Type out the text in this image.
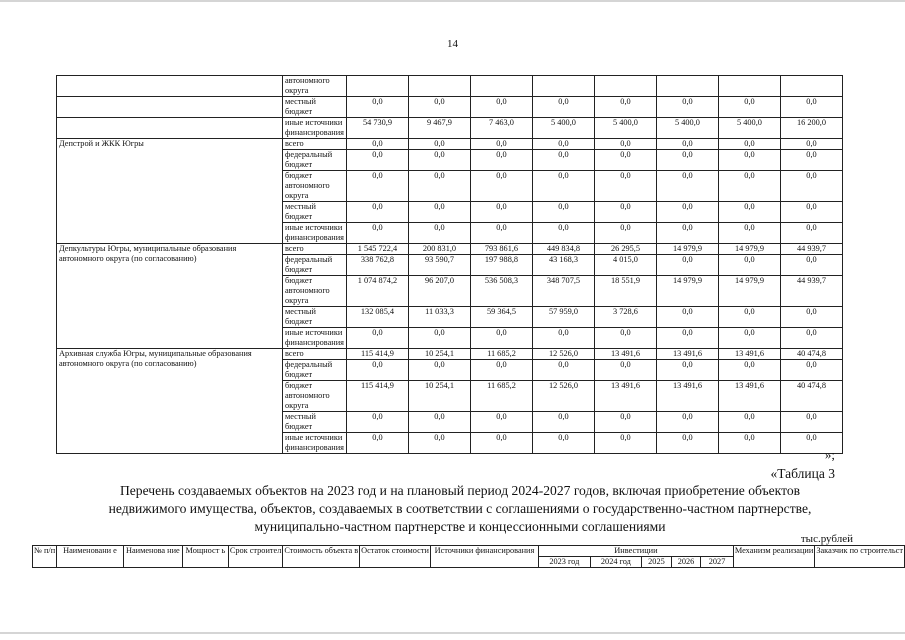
14
	автономного округа								
	местный бюджет	0,0	0,0	0,0	0,0	0,0	0,0	0,0	0,0
	иные источники финансирования	54 730,9	9 467,9	7 463,0	5 400,0	5 400,0	5 400,0	5 400,0	16 200,0
Депстрой и ЖКК Югры	всего	0,0	0,0	0,0	0,0	0,0	0,0	0,0	0,0
	федеральный бюджет	0,0	0,0	0,0	0,0	0,0	0,0	0,0	0,0
	бюджет автономного округа	0,0	0,0	0,0	0,0	0,0	0,0	0,0	0,0
	местный бюджет	0,0	0,0	0,0	0,0	0,0	0,0	0,0	0,0
	иные источники финансирования	0,0	0,0	0,0	0,0	0,0	0,0	0,0	0,0
Депкультуры Югры, муниципальные образования автономного округа (по согласованию)	всего	1 545 722,4	200 831,0	793 861,6	449 834,8	26 295,5	14 979,9	14 979,9	44 939,7
	федеральный бюджет	338 762,8	93 590,7	197 988,8	43 168,3	4 015,0	0,0	0,0	0,0
	бюджет автономного округа	1 074 874,2	96 207,0	536 508,3	348 707,5	18 551,9	14 979,9	14 979,9	44 939,7
	местный бюджет	132 085,4	11 033,3	59 364,5	57 959,0	3 728,6	0,0	0,0	0,0
	иные источники финансирования	0,0	0,0	0,0	0,0	0,0	0,0	0,0	0,0
Архивная служба Югры, муниципальные образования автономного округа (по согласованию)	всего	115 414,9	10 254,1	11 685,2	12 526,0	13 491,6	13 491,6	13 491,6	40 474,8
	федеральный бюджет	0,0	0,0	0,0	0,0	0,0	0,0	0,0	0,0
	бюджет автономного округа	115 414,9	10 254,1	11 685,2	12 526,0	13 491,6	13 491,6	13 491,6	40 474,8
	местный бюджет	0,0	0,0	0,0	0,0	0,0	0,0	0,0	0,0
	иные источники финансирования	0,0	0,0	0,0	0,0	0,0	0,0	0,0	0,0
»;
«Таблица 3
Перечень создаваемых объектов на 2023 год и на плановый период 2024-2027 годов, включая приобретение объектов недвижимого имущества, объектов, создаваемых в соответствии с соглашениями о государственно-частном партнерстве, муниципально-частном партнерстве и концессионными соглашениями
тыс.рублей
№ п/п	Наименовани е	Наименова ние	Мощност ь	Срок строител	Стоимость объекта в	Остаток стоимости	Источники финансирования	Инвестиции					Механизм реализации	Заказчик по строительст
								2023 год	2024 год	2025	2026	2027		
